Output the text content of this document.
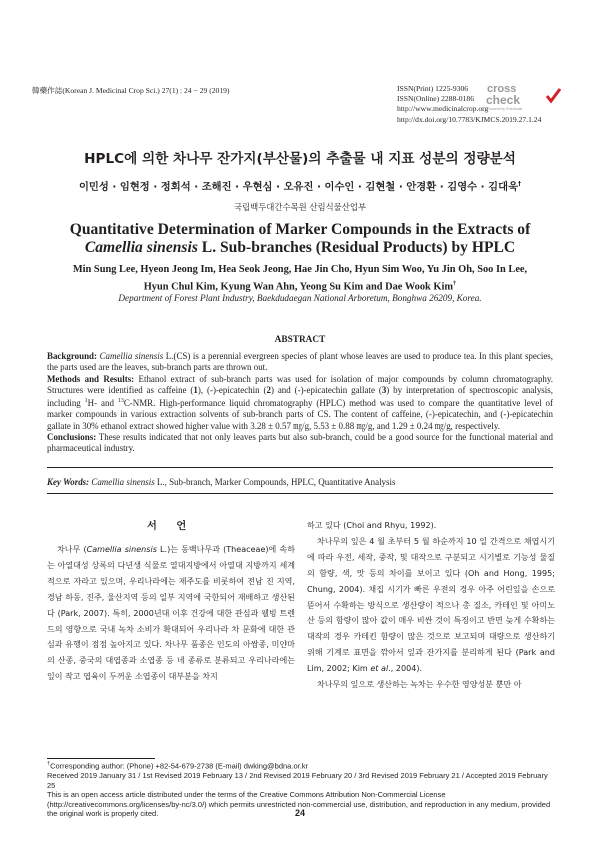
韓藥作誌(Korean J. Medicinal Crop Sci.) 27(1) : 24 − 29 (2019)	ISSN(Print) 1225-9306
ISSN(Online) 2288-0186
http://www.medicinalcrop.org
http://dx.doi.org/10.7783/KJMCS.2019.27.1.24
cross
check
Powered by iThenticate
HPLC에 의한 차나무 잔가지(부산물)의 추출물 내 지표 성분의 정량분석
이민성 · 임현정 · 정회석 · 조해진 · 우현심 · 오유진 · 이수인 · 김현철 · 안경환 · 김영수 · 김대욱†
국립백두대간수목원 산림식물산업부
Quantitative Determination of Marker Compounds in the Extracts of
Camellia sinensis L. Sub-branches (Residual Products) by HPLC
Min Sung Lee, Hyeon Jeong Im, Hea Seok Jeong, Hae Jin Cho, Hyun Sim Woo, Yu Jin Oh, Soo In Lee,
Hyun Chul Kim, Kyung Wan Ahn, Yeong Su Kim and Dae Wook Kim†
Department of Forest Plant Industry, Baekdudaegan National Arboretum, Bonghwa 26209, Korea.
ABSTRACT

Background: Camellia sinensis L.(CS) is a perennial evergreen species of plant whose leaves are used to produce tea. In this plant species, the parts used are the leaves, sub-branch parts are thrown out.

Methods and Results: Ethanol extract of sub-branch parts was used for isolation of major compounds by column chromatography. Structures were identified as caffeine (1), (-)-epicatechin (2) and (-)-epicatechin gallate (3) by interpretation of spectroscopic analysis, including $^1$H- and $^{13}$C-NMR. High-performance liquid chromatography (HPLC) method was used to compare the quantitative level of marker compounds in various extraction solvents of sub-branch parts of CS. The content of caffeine, (-)-epicatechin, and (-)-epicatechin gallate in 30% ethanol extract showed higher value with 3.28 ± 0.57 ㎎/g, 5.53 ± 0.88 ㎎/g, and 1.29 ± 0.24 ㎎/g, respectively.

Conclusions: These results indicated that not only leaves parts but also sub-branch, could be a good source for the functional material and pharmaceutical industry.

Key Words: Camellia sinensis L., Sub-branch, Marker Compounds, HPLC, Quantitative Analysis
서 언

차나무 (Camellia sinensis L.)는 동백나무과 (Theaceae)에 속하는 아열대성 상록의 다년생 식물로 열대지방에서 아열대 지방까지 세계적으로 자라고 있으며, 우리나라에는 제주도를 비롯하여 전남 진 지역, 경남 하동, 진주, 울산지역 등의 일부 지역에 국한되어 재배하고 생산된다 (Park, 2007). 특히, 2000년대 이후 건강에 대한 관심과 웰빙 트렌드의 영향으로 국내 녹차 소비가 확대되어 우리나라 차 문화에 대한 관심과 유행이 점점 높아지고 있다. 차나무 품종은 인도의 아쌈종, 미얀마의 산종, 중국의 대엽종과 소엽종 등 네 종류로 분류되고 우리나라에는 잎이 작고 엽육이 두꺼운 소엽종이 대부분을 차지

하고 있다 (Choi and Rhyu, 1992).

차나무의 잎은 4 월 초부터 5 월 하순까지 10 일 간격으로 채엽시기에 따라 우전, 세작, 중작, 및 대작으로 구분되고 시기별로 기능성 물질의 함량, 색, 맛 등의 차이를 보이고 있다 (Oh and Hong, 1995; Chung, 2004). 채집 시기가 빠른 우전의 경우 아주 어린잎을 손으로 뜯어서 수확하는 방식으로 생산량이 적으나 총 질소, 카테인 및 아미노산 등의 함량이 많아 값이 매우 비싼 것이 특징이고 반면 늦게 수확하는 대작의 경우 카테킨 함량이 많은 것으로 보고되며 대량으로 생산하기 위해 기계로 표면을 깎아서 잎과 잔가지를 분리하게 된다 (Park and Lim, 2002; Kim et al., 2004).

차나무의 잎으로 생산하는 녹차는 우수한 영양성분 뿐만 아

†Corresponding author: (Phone) +82-54-679-2738 (E-mail) dwking@bdna.or.kr

Received 2019 January 31 / 1st Revised 2019 February 13 / 2nd Revised 2019 February 20 / 3rd Revised 2019 February 21 / Accepted 2019 February 25

This is an open access article distributed under the terms of the Creative Commons Attribution Non-Commercial License (http://creativecommons.org/licenses/by-nc/3.0/) which permits unrestricted non-commercial use, distribution, and reproduction in any medium, provided the original work is properly cited.	24
